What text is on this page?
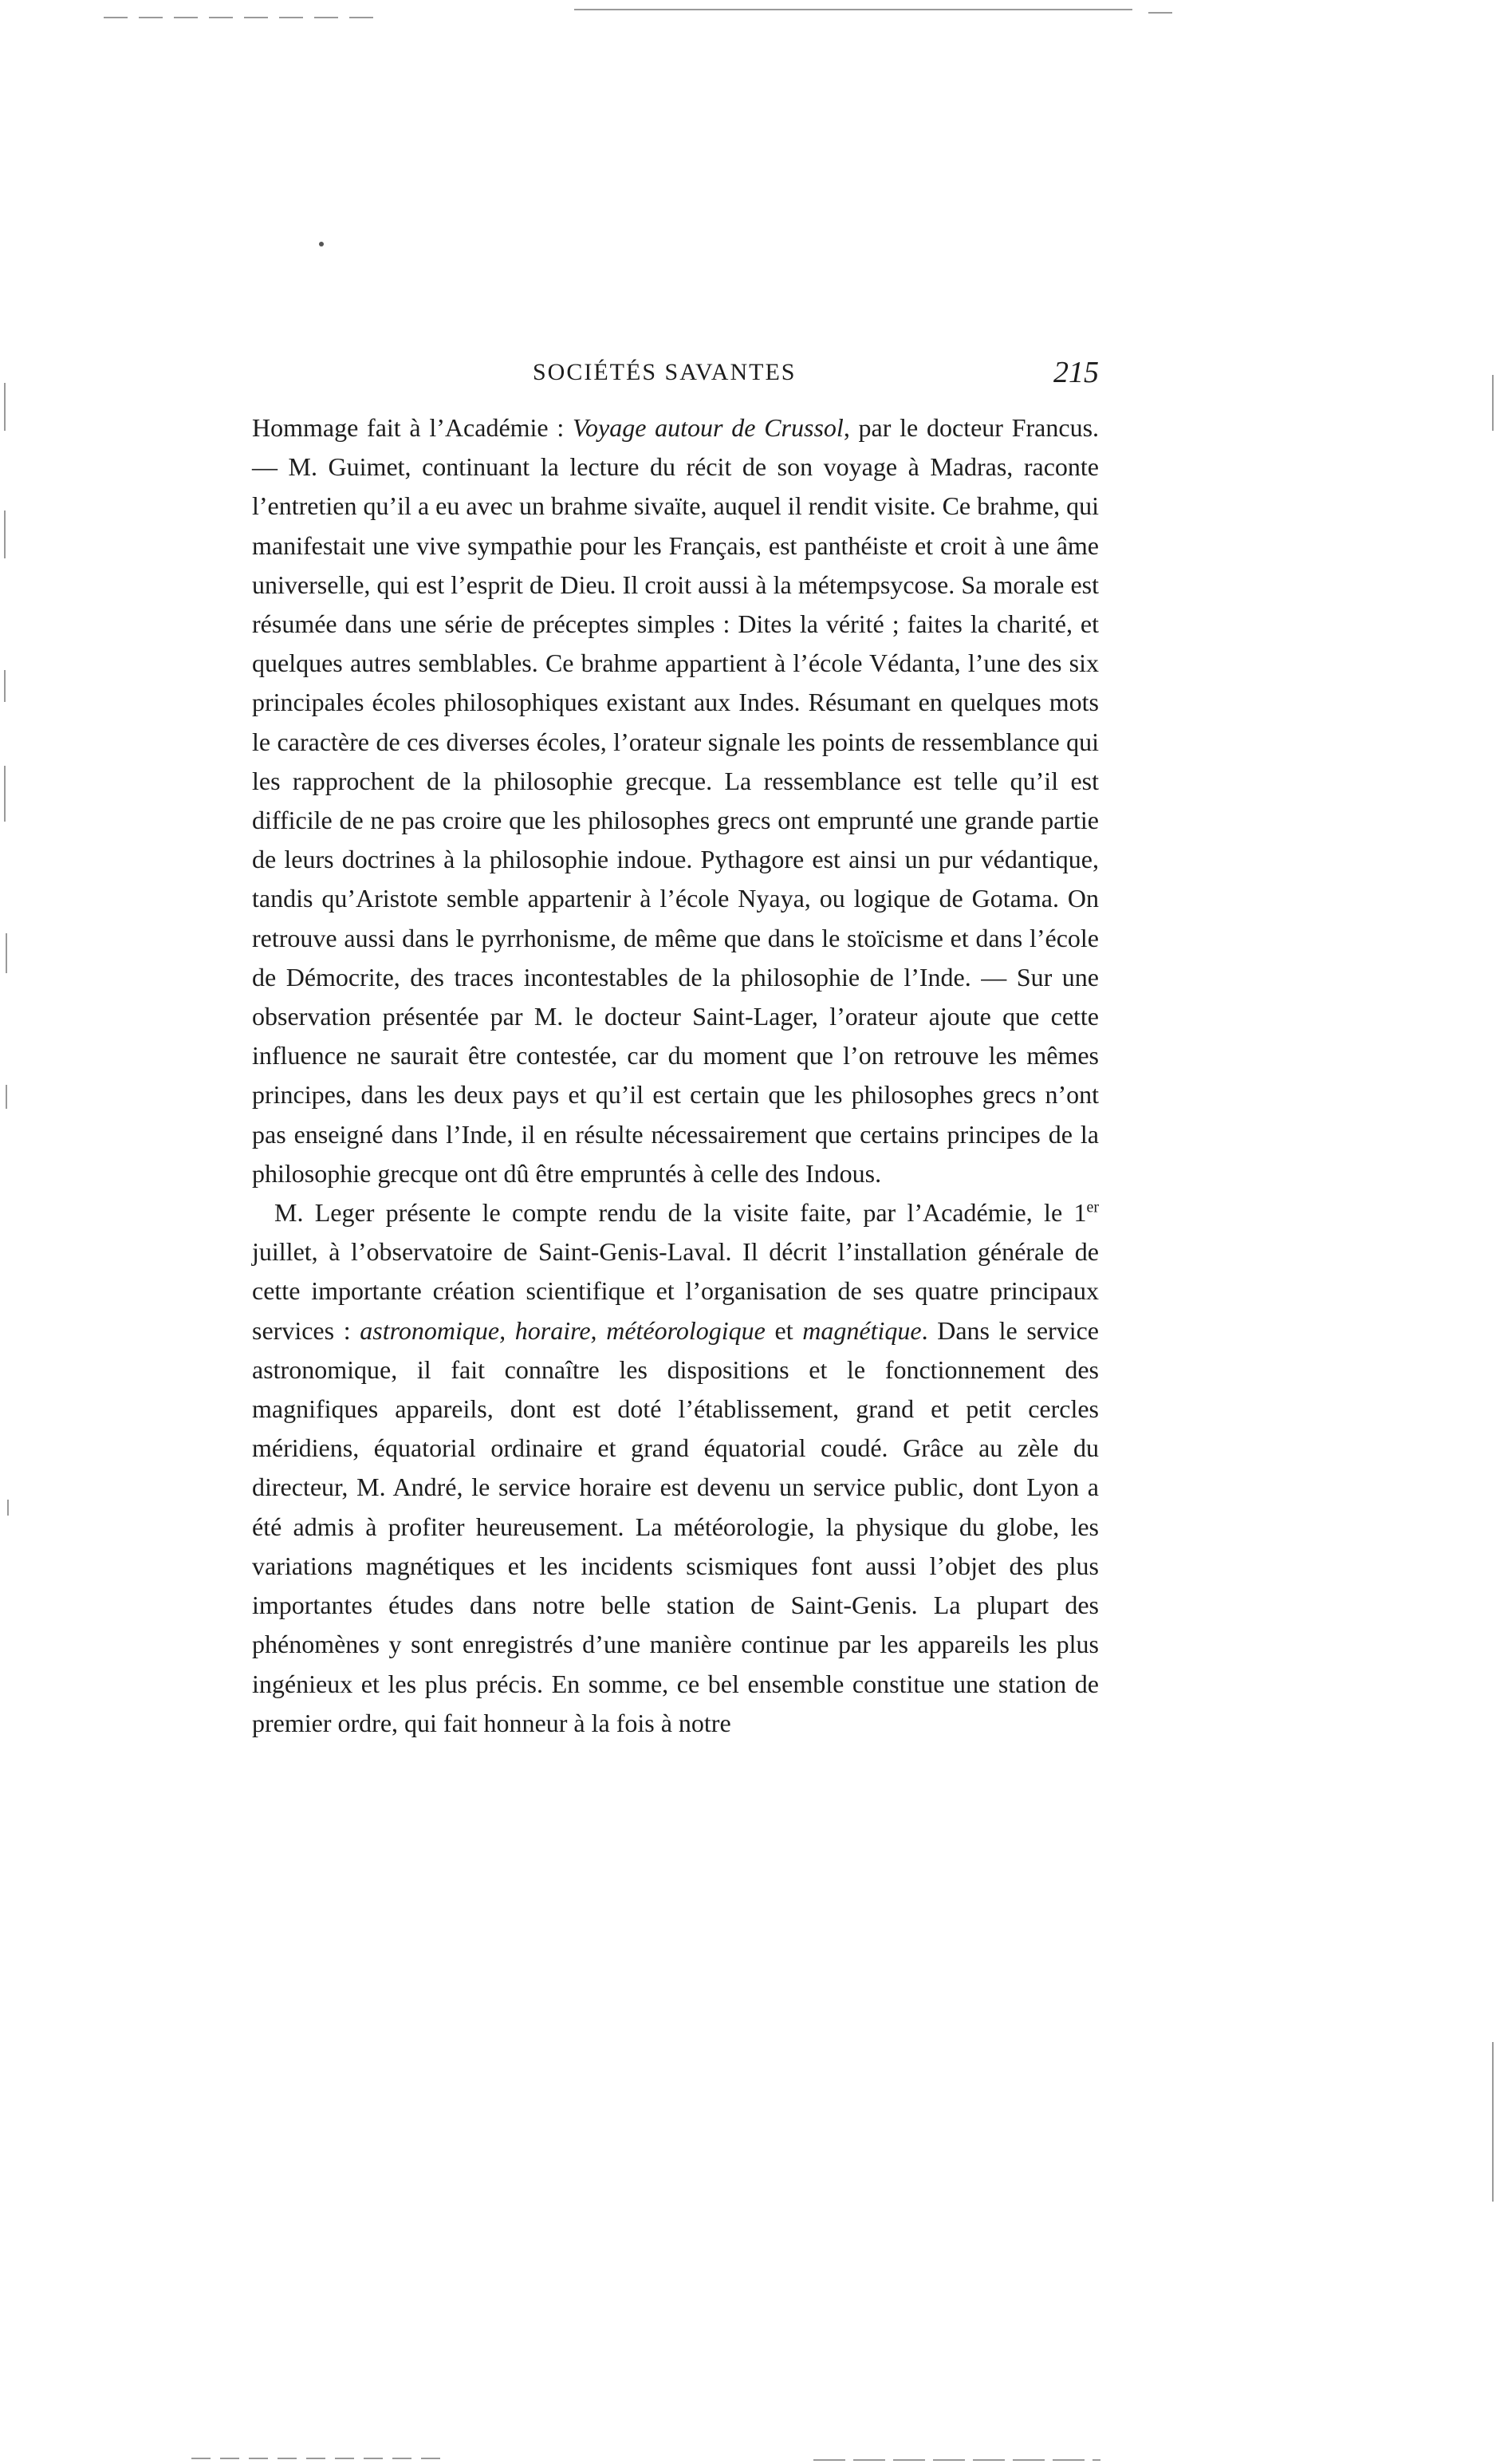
SOCIÉTÉS SAVANTES	215

Hommage fait à l’Académie : Voyage autour de Crussol, par le docteur Francus. — M. Guimet, continuant la lecture du récit de son voyage à Madras, raconte l’entretien qu’il a eu avec un brahme sivaïte, auquel il rendit visite. Ce brahme, qui manifestait une vive sympathie pour les Français, est panthéiste et croit à une âme universelle, qui est l’esprit de Dieu. Il croit aussi à la métempsycose. Sa morale est résumée dans une série de préceptes simples : Dites la vérité ; faites la charité, et quelques autres semblables. Ce brahme appartient à l’école Védanta, l’une des six principales écoles philosophiques existant aux Indes. Résumant en quelques mots le caractère de ces diverses écoles, l’orateur signale les points de ressemblance qui les rapprochent de la philosophie grecque. La ressemblance est telle qu’il est difficile de ne pas croire que les philosophes grecs ont emprunté une grande partie de leurs doctrines à la philosophie indoue. Pythagore est ainsi un pur védantique, tandis qu’Aristote semble appartenir à l’école Nyaya, ou logique de Gotama. On retrouve aussi dans le pyrrhonisme, de même que dans le stoïcisme et dans l’école de Démocrite, des traces incontestables de la philosophie de l’Inde. — Sur une observation présentée par M. le docteur Saint-Lager, l’orateur ajoute que cette influence ne saurait être contestée, car du moment que l’on retrouve les mêmes principes, dans les deux pays et qu’il est certain que les philosophes grecs n’ont pas enseigné dans l’Inde, il en résulte nécessairement que certains principes de la philosophie grecque ont dû être empruntés à celle des Indous.

M. Leger présente le compte rendu de la visite faite, par l’Académie, le 1er juillet, à l’observatoire de Saint-Genis-Laval. Il décrit l’installation générale de cette importante création scientifique et l’organisation de ses quatre principaux services : astronomique, horaire, météorologique et magnétique. Dans le service astronomique, il fait connaître les dispositions et le fonctionnement des magnifiques appareils, dont est doté l’établissement, grand et petit cercles méridiens, équatorial ordinaire et grand équatorial coudé. Grâce au zèle du directeur, M. André, le service horaire est devenu un service public, dont Lyon a été admis à profiter heureusement. La météorologie, la physique du globe, les variations magnétiques et les incidents scismiques font aussi l’objet des plus importantes études dans notre belle station de Saint-Genis. La plupart des phénomènes y sont enregistrés d’une manière continue par les appareils les plus ingénieux et les plus précis. En somme, ce bel ensemble constitue une station de premier ordre, qui fait honneur à la fois à notre
